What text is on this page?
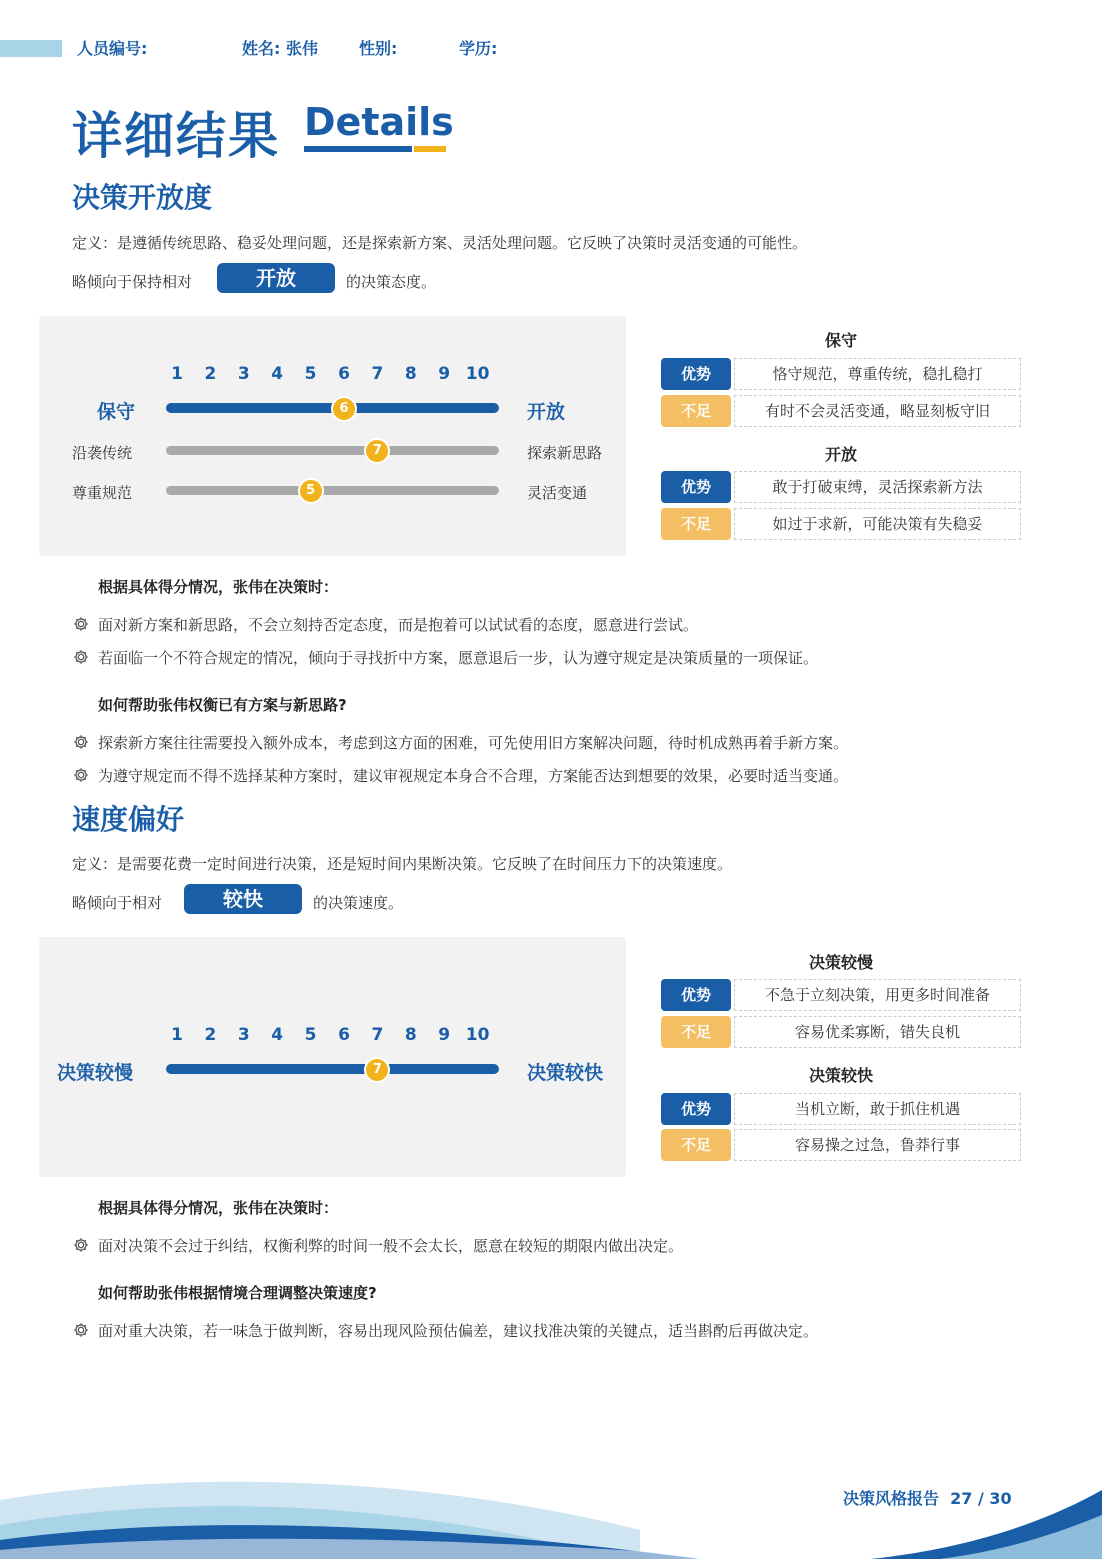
人员编号:	姓名: 张伟	性别:	学历:
详细结果 Details
决策开放度
定义：是遵循传统思路、稳妥处理问题，还是探索新方案、灵活处理问题。它反映了决策时灵活变通的可能性。
略倾向于保持相对	开放	的决策态度。
1	2	3	4	5	6	7	8	9 10
保守	6	开放
沿袭传统	7	探索新思路
尊重规范	5	灵活变通
保守
优势	恪守规范，尊重传统，稳扎稳打
不足	有时不会灵活变通，略显刻板守旧
开放
优势	敢于打破束缚，灵活探索新方法
不足	如过于求新，可能决策有失稳妥
根据具体得分情况，张伟在决策时：
面对新方案和新思路，不会立刻持否定态度，而是抱着可以试试看的态度，愿意进行尝试。
若面临一个不符合规定的情况，倾向于寻找折中方案，愿意退后一步，认为遵守规定是决策质量的一项保证。
如何帮助张伟权衡已有方案与新思路?
探索新方案往往需要投入额外成本，考虑到这方面的困难，可先使用旧方案解决问题，待时机成熟再着手新方案。
为遵守规定而不得不选择某种方案时，建议审视规定本身合不合理，方案能否达到想要的效果，必要时适当变通。
速度偏好
定义：是需要花费一定时间进行决策，还是短时间内果断决策。它反映了在时间压力下的决策速度。
略倾向于相对	较快	的决策速度。
1	2	3	4	5	6	7	8	9 10
决策较慢	7	决策较快
决策较慢
优势	不急于立刻决策，用更多时间准备
不足	容易优柔寡断，错失良机
决策较快
优势	当机立断，敢于抓住机遇
不足	容易操之过急，鲁莽行事
根据具体得分情况，张伟在决策时：
面对决策不会过于纠结，权衡利弊的时间一般不会太长，愿意在较短的期限内做出决定。
如何帮助张伟根据情境合理调整决策速度?
面对重大决策，若一味急于做判断，容易出现风险预估偏差，建议找准决策的关键点，适当斟酌后再做决定。
决策风格报告 27 / 30
